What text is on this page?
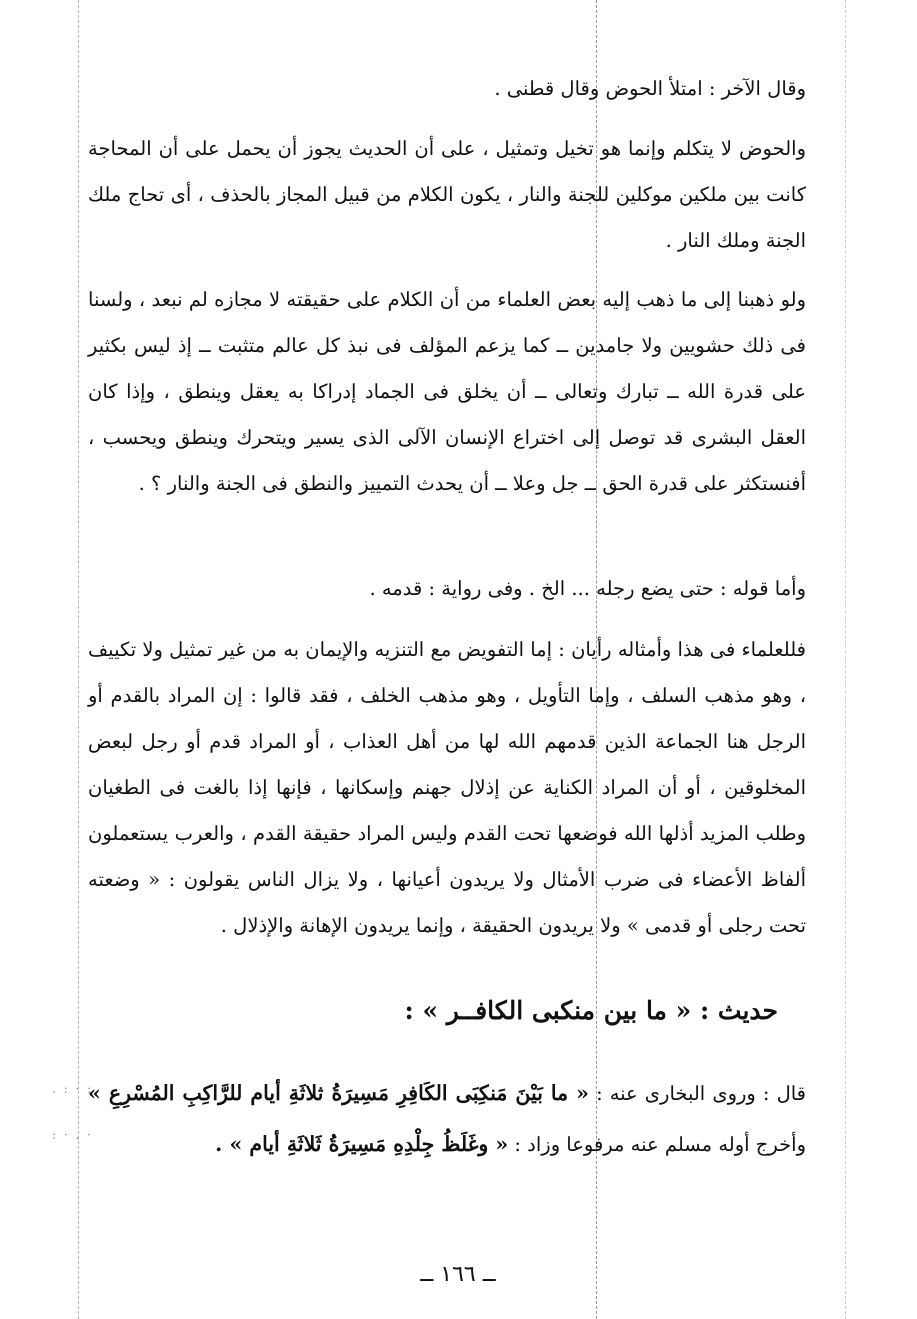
وقال الآخر : امتلأ الحوض وقال قطنى .

والحوض لا يتكلم وإنما هو تخيل وتمثيل ، على أن الحديث يجوز أن يحمل على أن المحاجة كانت بين ملكين موكلين للجنة والنار ، يكون الكلام من قبيل المجاز بالحذف ، أى تحاج ملك الجنة وملك النار .

ولو ذهبنا إلى ما ذهب إليه بعض العلماء من أن الكلام على حقيقته لا مجازه لم نبعد ، ولسنا فى ذلك حشويين ولا جامدين ــ كما يزعم المؤلف فى نبذ كل عالم متثبت ــ إذ ليس بكثير على قدرة الله ــ تبارك وتعالى ــ أن يخلق فى الجماد إدراكا به يعقل وينطق ، وإذا كان العقل البشرى قد توصل إلى اختراع الإنسان الآلى الذى يسير ويتحرك وينطق ويحسب ، أفنستكثر على قدرة الحق ــ جل وعلا ــ أن يحدث التمييز والنطق فى الجنة والنار ؟ .

وأما قوله : حتى يضع رجله ... الخ . وفى رواية : قدمه .

فللعلماء فى هذا وأمثاله رأيان : إما التفويض مع التنزيه والإيمان به من غير تمثيل ولا تكييف ، وهو مذهب السلف ، وإما التأويل ، وهو مذهب الخلف ، فقد قالوا : إن المراد بالقدم أو الرجل هنا الجماعة الذين قدمهم الله لها من أهل العذاب ، أو المراد قدم أو رجل لبعض المخلوقين ، أو أن المراد الكناية عن إذلال جهنم وإسكانها ، فإنها إذا بالغت فى الطغيان وطلب المزيد أذلها الله فوضعها تحت القدم وليس المراد حقيقة القدم ، والعرب يستعملون ألفاظ الأعضاء فى ضرب الأمثال ولا يريدون أعيانها ، ولا يزال الناس يقولون : « وضعته تحت رجلى أو قدمى » ولا يريدون الحقيقة ، وإنما يريدون الإهانة والإذلال .

حديث : « ما بين منكبى الكافــر » :

قال : وروى البخارى عنه : « ما بَيْنَ مَنكِبَى الكَافِرِ مَسِيرَةُ ثلاثَةِ أيام للرَّاكِبِ المُسْرِعِ » وأخرج أوله مسلم عنه مرفوعا وزاد : « وغَلَظُ جِلْدِهِ مَسِيرَةُ ثَلاثَةِ أيام » .

. : · :
: · . ·
ــ ١٦٦ ــ
